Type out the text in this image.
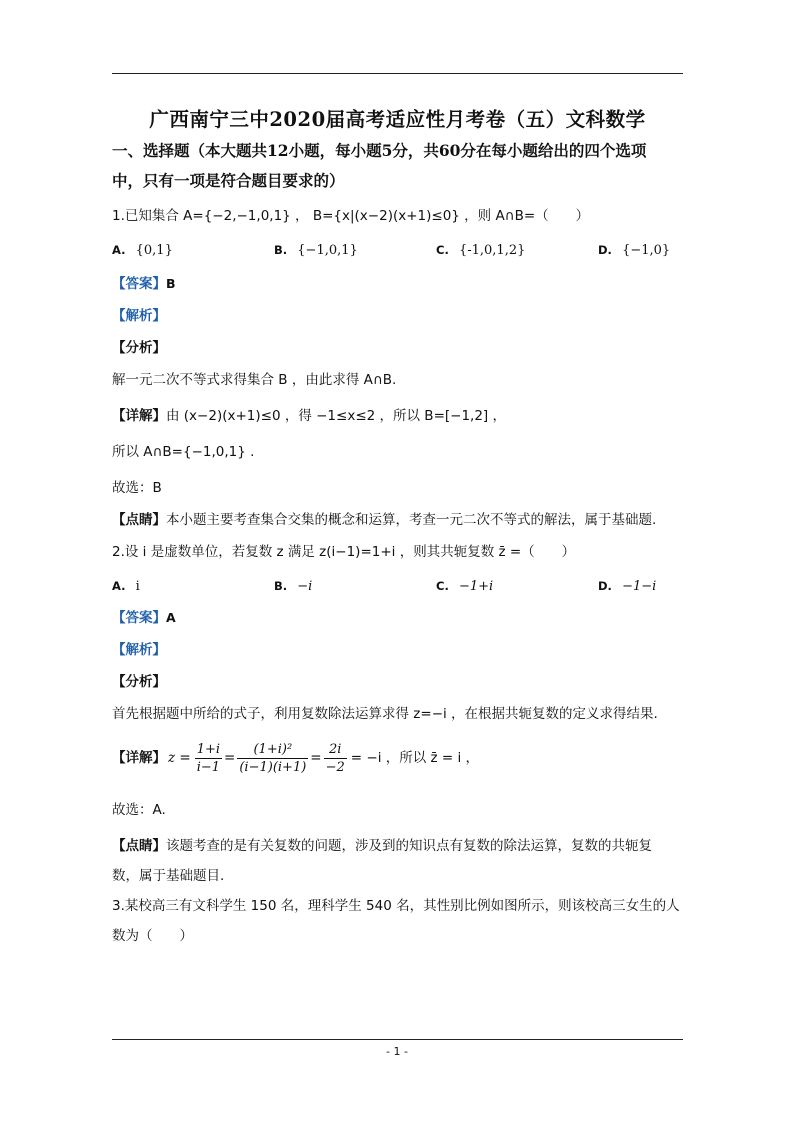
广西南宁三中2020届高考适应性月考卷（五）文科数学

一、选择题（本大题共12小题，每小题5分，共60分在每小题给出的四个选项

中，只有一项是符合题目要求的）

1.已知集合 A={−2,−1,0,1} ， B={x|(x−2)(x+1)≤0} ，则 A∩B=（　　）

A. {0,1}	B. {−1,0,1}	C. {-1,0,1,2}	D. {−1,0}

【答案】B

【解析】

【分析】

解一元二次不等式求得集合 B ，由此求得 A∩B.

【详解】由 (x−2)(x+1)≤0 ，得 −1≤x≤2 ，所以 B=[−1,2] ，

所以 A∩B={−1,0,1} .

故选：B

【点睛】本小题主要考查集合交集的概念和运算，考查一元二次不等式的解法，属于基础题.

2.设 i 是虚数单位，若复数 z 满足 z(i−1)=1+i ，则其共轭复数 z̄ =（　　）

A. i	B. −i	C. −1+i	D. −1−i

【答案】A

【解析】

【分析】

首先根据题中所给的式子，利用复数除法运算求得 z=−i ，在根据共轭复数的定义求得结果.

【详解】 $z = \frac{1+i}{i-1} = \frac{\text{(1+i)²}}{(i-1)(i+1)} = \frac{2i}{-2} = -i$ ，所以 z̄ = i ，

故选：A.

【点睛】该题考查的是有关复数的问题，涉及到的知识点有复数的除法运算，复数的共轭复

数，属于基础题目.

3.某校高三有文科学生 150 名，理科学生 540 名，其性别比例如图所示，则该校高三女生的人

数为（　　）

- 1 -
